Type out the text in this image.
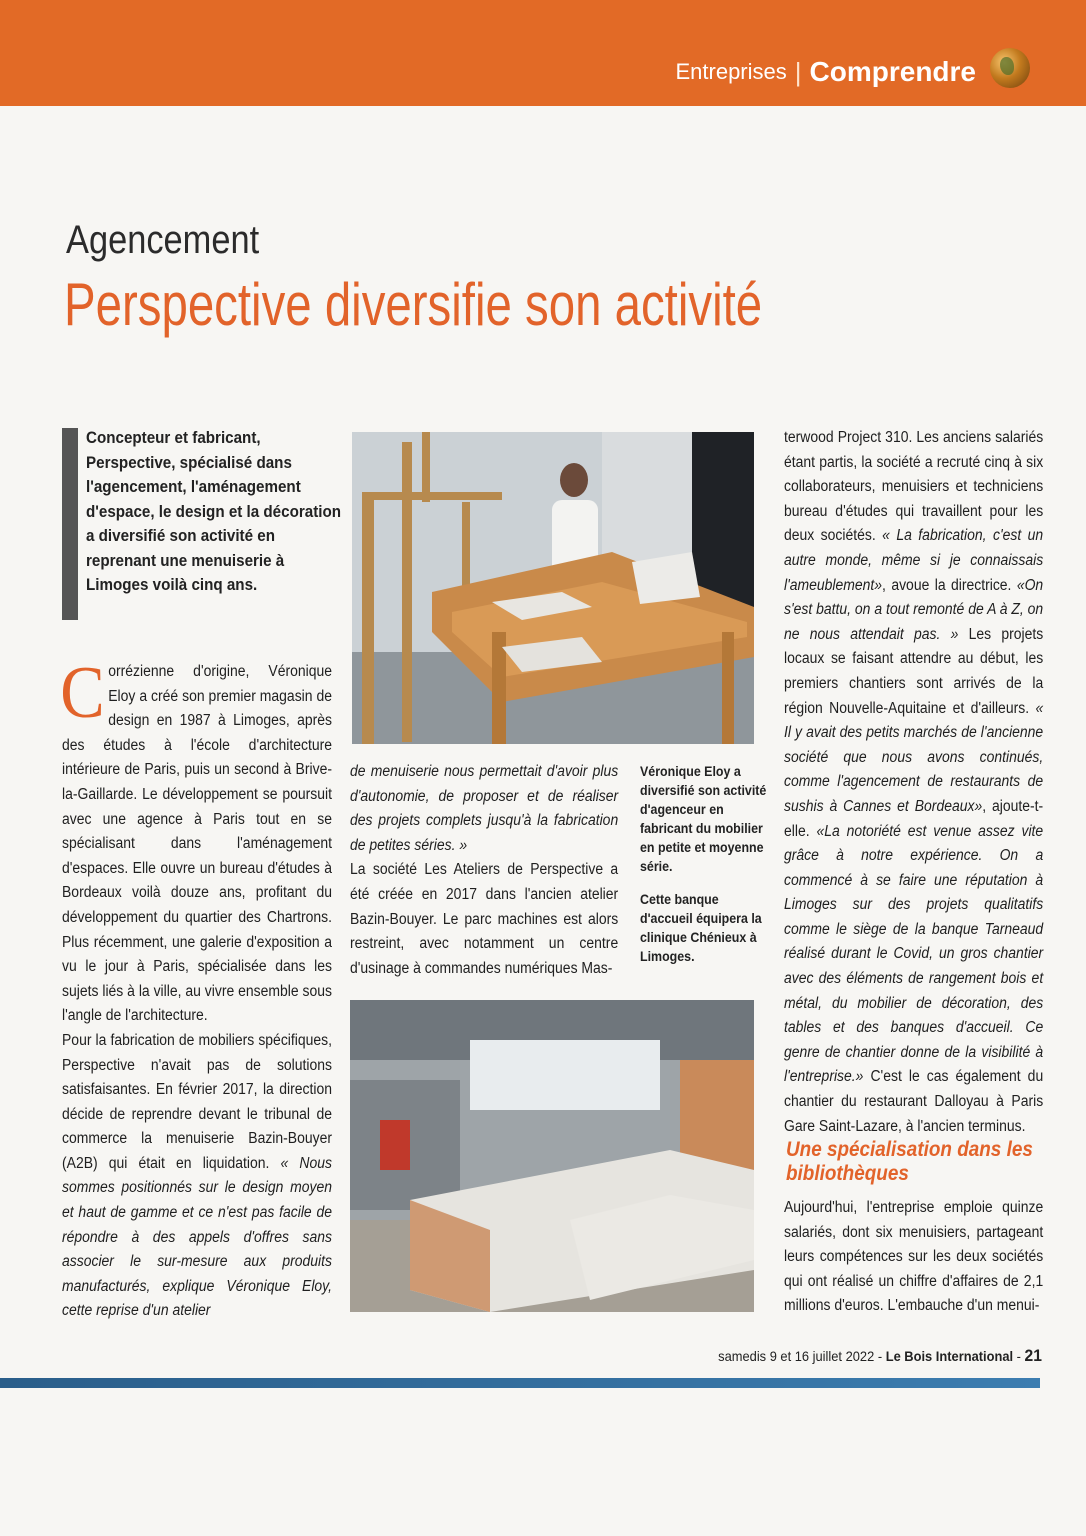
Entreprises | Comprendre
Agencement
Perspective diversifie son activité
Concepteur et fabricant, Perspective, spécialisé dans l'agencement, l'aménagement d'espace, le design et la décoration a diversifié son activité en reprenant une menuiserie à Limoges voilà cinq ans.

C orrézienne d'origine, Véronique Eloy a créé son premier magasin de design en 1987 à Limoges, après des études à l'école d'architecture intérieure de Paris, puis un second à Brive-la-Gaillarde. Le développement se poursuit avec une agence à Paris tout en se spécialisant dans l'aménagement d'espaces. Elle ouvre un bureau d'études à Bordeaux voilà douze ans, profitant du développement du quartier des Chartrons. Plus récemment, une galerie d'exposition a vu le jour à Paris, spécialisée dans les sujets liés à la ville, au vivre ensemble sous l'angle de l'architecture.

Pour la fabrication de mobiliers spécifiques, Perspective n'avait pas de solutions satisfaisantes. En février 2017, la direction décide de reprendre devant le tribunal de commerce la menuiserie Bazin-Bouyer (A2B) qui était en liquidation. « Nous sommes positionnés sur le design moyen et haut de gamme et ce n'est pas facile de répondre à des appels d'offres sans associer le sur-mesure aux produits manufacturés, explique Véronique Eloy, cette reprise d'un atelier

Véronique Eloy a diversifié son activité d'agenceur en fabricant du mobilier en petite et moyenne série.
Cette banque d'accueil équipera la clinique Chénieux à Limoges.

de menuiserie nous permettait d'avoir plus d'autonomie, de proposer et de réaliser des projets complets jusqu'à la fabrication de petites séries. »

La société Les Ateliers de Perspective a été créée en 2017 dans l'ancien atelier Bazin-Bouyer. Le parc machines est alors restreint, avec notamment un centre d'usinage à commandes numériques Mas-

terwood Project 310. Les anciens salariés étant partis, la société a recruté cinq à six collaborateurs, menuisiers et techniciens bureau d'études qui travaillent pour les deux sociétés. « La fabrication, c'est un autre monde, même si je connaissais l'ameublement», avoue la directrice. «On s'est battu, on a tout remonté de A à Z, on ne nous attendait pas. » Les projets locaux se faisant attendre au début, les premiers chantiers sont arrivés de la région Nouvelle-Aquitaine et d'ailleurs. « Il y avait des petits marchés de l'ancienne société que nous avons continués, comme l'agencement de restaurants de sushis à Cannes et Bordeaux», ajoute-t-elle. «La notoriété est venue assez vite grâce à notre expérience. On a commencé à se faire une réputation à Limoges sur des projets qualitatifs comme le siège de la banque Tarneaud réalisé durant le Covid, un gros chantier avec des éléments de rangement bois et métal, du mobilier de décoration, des tables et des banques d'accueil. Ce genre de chantier donne de la visibilité à l'entreprise.» C'est le cas également du chantier du restaurant Dalloyau à Paris Gare Saint-Lazare, à l'ancien terminus.

Une spécialisation dans les bibliothèques

Aujourd'hui, l'entreprise emploie quinze salariés, dont six menuisiers, partageant leurs compétences sur les deux sociétés qui ont réalisé un chiffre d'affaires de 2,1 millions d'euros. L'embauche d'un menui-

samedis 9 et 16 juillet 2022 - Le Bois International - 21
